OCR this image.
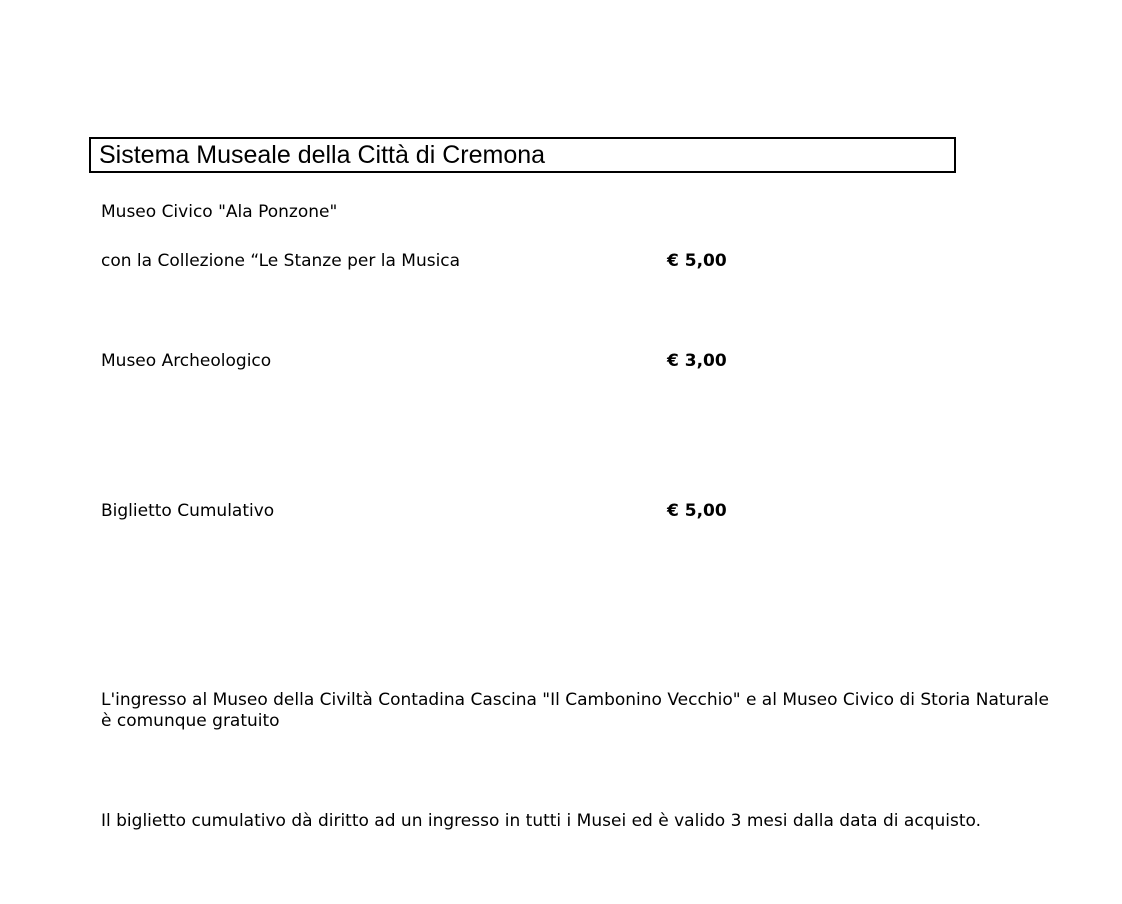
Sistema Museale della Città di Cremona
Museo Civico "Ala Ponzone"
con la Collezione “Le Stanze per la Musica	€ 5,00
Museo Archeologico	€ 3,00
Biglietto Cumulativo	€ 5,00
L'ingresso al Museo della Civiltà Contadina Cascina "Il Cambonino Vecchio" e al Museo Civico di Storia Naturale è comunque gratuito
Il biglietto cumulativo dà diritto ad un ingresso in tutti i Musei ed è valido 3 mesi dalla data di acquisto.
